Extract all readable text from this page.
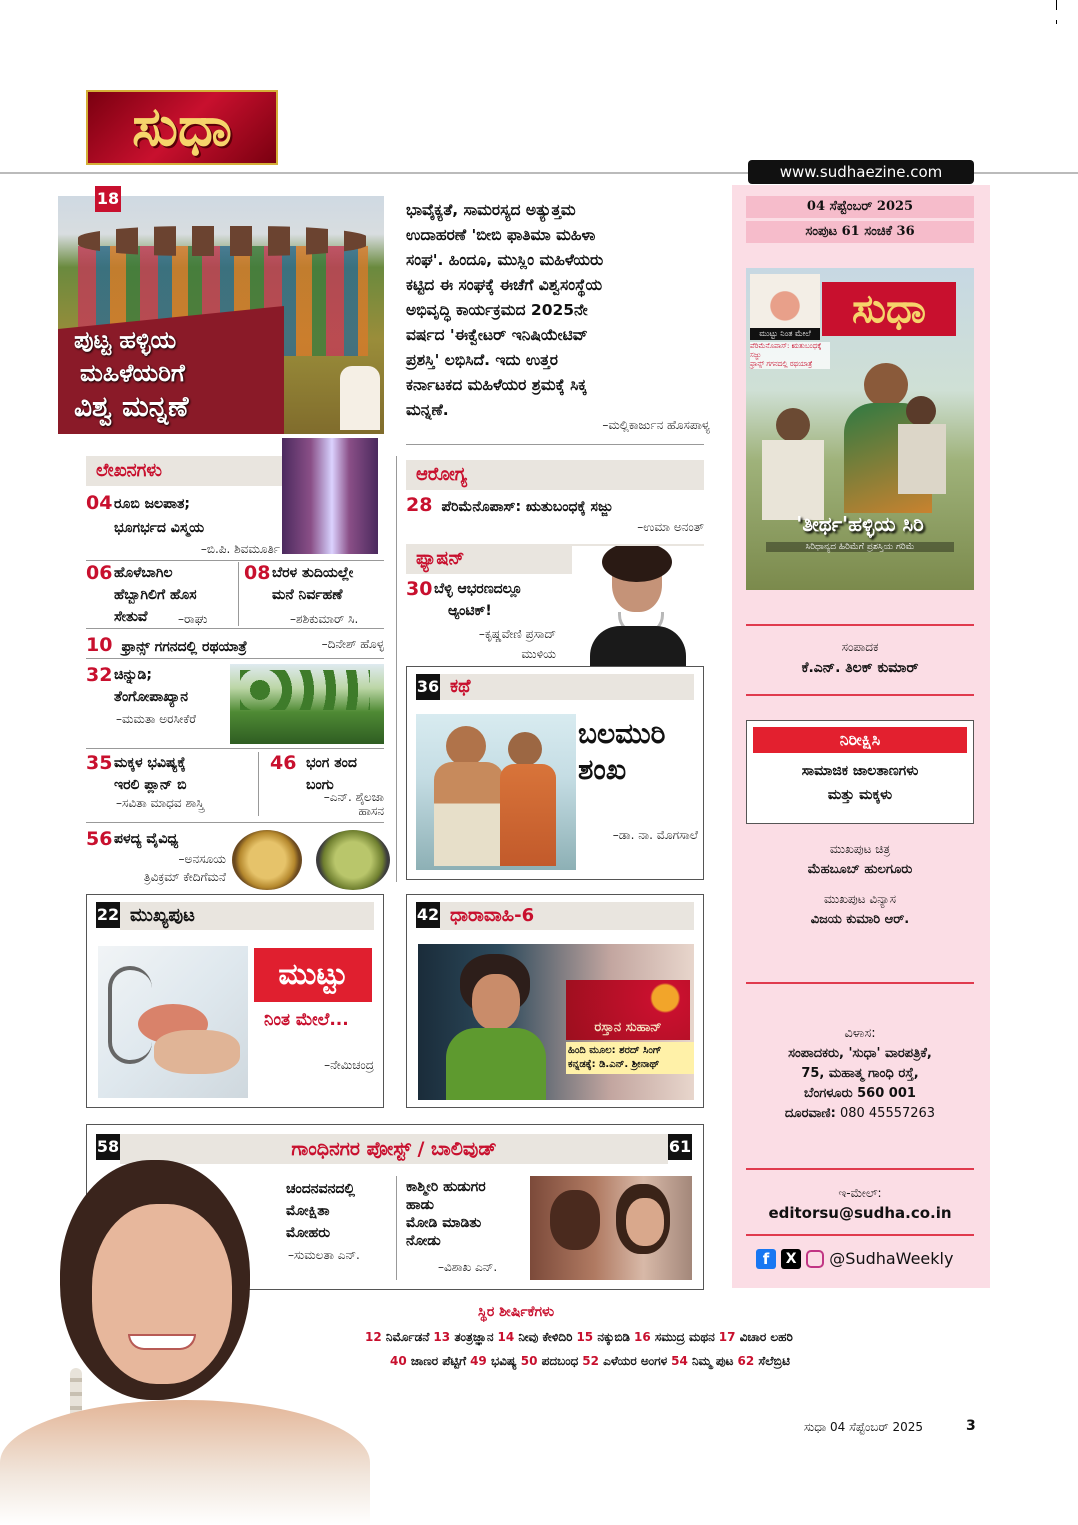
ಸುಧಾ
www.sudhaezine.com
04 ಸೆಪ್ಟೆಂಬರ್ 2025
ಸಂಪುಟ 61 ಸಂಚಿಕೆ 36
ಸುಧಾ
ಮುಟ್ಟು ನಿಂತ ಮೇಲೆ
ಪೆರಿಮೆನೊಪಾಸ್: ಋತುಬಂಧಕ್ಕೆ ಸಜ್ಜು
ಫ್ರಾನ್ಸ್ ಗಗನದಲ್ಲಿ ರಥಯಾತ್ರೆ
'ತೀರ್ಥ'ಹಳ್ಳಿಯ ಸಿರಿ
ಸಿರಿಧಾನ್ಯದ ಹಿರಿಮೆಗೆ ಪ್ರಶಸ್ತಿಯ ಗರಿಮೆ
ಸಂಪಾದಕ
ಕೆ.ಎನ್. ತಿಲಕ್ ಕುಮಾರ್
ನಿರೀಕ್ಷಿಸಿ
ಸಾಮಾಜಿಕ ಜಾಲತಾಣಗಳು
ಮತ್ತು ಮಕ್ಕಳು
ಮುಖಪುಟ ಚಿತ್ರ
ಮೆಹಬೂಬ್ ಹುಲಗೂರು
ಮುಖಪುಟ ವಿನ್ಯಾಸ
ವಿಜಯ ಕುಮಾರಿ ಆರ್.
ವಿಳಾಸ:
ಸಂಪಾದಕರು, 'ಸುಧಾ' ವಾರಪತ್ರಿಕೆ,
75, ಮಹಾತ್ಮ ಗಾಂಧಿ ರಸ್ತೆ,
ಬೆಂಗಳೂರು 560 001
ದೂರವಾಣಿ: 080 45557263
ಇ-ಮೇಲ್:
editorsu@sudha.co.in
f X @SudhaWeekly
ಪುಟ್ಟ ಹಳ್ಳಿಯ
ಮಹಿಳೆಯರಿಗೆ
ವಿಶ್ವ ಮನ್ನಣೆ
18
ಭಾವೈಕ್ಯತೆ, ಸಾಮರಸ್ಯದ ಅತ್ಯುತ್ತಮ
ಉದಾಹರಣೆ 'ಬೀಬಿ ಫಾತಿಮಾ ಮಹಿಳಾ
ಸಂಘ'. ಹಿಂದೂ, ಮುಸ್ಲಿಂ ಮಹಿಳೆಯರು
ಕಟ್ಟಿದ ಈ ಸಂಘಕ್ಕೆ ಈಚೆಗೆ ವಿಶ್ವಸಂಸ್ಥೆಯ
ಅಭಿವೃದ್ಧಿ ಕಾರ್ಯಕ್ರಮದ 2025ನೇ
ವರ್ಷದ 'ಈಕ್ವೇಟರ್ ಇನಿಷಿಯೇಟಿವ್
ಪ್ರಶಸ್ತಿ' ಲಭಿಸಿದೆ. ಇದು ಉತ್ತರ
ಕರ್ನಾಟಕದ ಮಹಿಳೆಯರ ಶ್ರಮಕ್ಕೆ ಸಿಕ್ಕ
ಮನ್ನಣೆ.
–ಮಲ್ಲಿಕಾರ್ಜುನ ಹೊಸಪಾಳ್ಯ
ಲೇಖನಗಳು
04 ರೂಬಿ ಜಲಪಾತ;
ಭೂಗರ್ಭದ ವಿಸ್ಮಯ
–ಬಿ.ಪಿ. ಶಿವಮೂರ್ತಿ
06 ಹೊಳೆಬಾಗಿಲ
ಹೆಬ್ಬಾಗಿಲಿಗೆ ಹೊಸ
ಸೇತುವೆ	–ರಾಘು
08 ಬೆರಳ ತುದಿಯಲ್ಲೇ
ಮನೆ ನಿರ್ವಹಣೆ
–ಶಶಿಕುಮಾರ್ ಸಿ.
10 ಫ್ರಾನ್ಸ್ ಗಗನದಲ್ಲಿ ರಥಯಾತ್ರೆ	–ದಿನೇಶ್ ಹೊಳ್ಳ
32 ಚಿನ್ನುಡಿ;
ತೆಂಗೋಪಾಖ್ಯಾನ
–ಮಮತಾ ಅರಸೀಕೆರೆ
35 ಮಕ್ಕಳ ಭವಿಷ್ಯಕ್ಕೆ
ಇರಲಿ ಪ್ಲಾನ್ ಬಿ
–ಸವಿತಾ ಮಾಧವ ಶಾಸ್ತ್ರಿ
46 ಭಂಗ ತಂದ
ಬಂಗು
–ಎನ್. ಶೈಲಜಾ
ಹಾಸನ
56 ಪಳದ್ಯ ವೈವಿಧ್ಯ
–ಅನಸೂಯ
ತ್ರಿವಿಕ್ರಮ್ ಕೇದಿಗೆಮನೆ
ಆರೋಗ್ಯ
28 ಪೆರಿಮೆನೊಪಾಸ್: ಋತುಬಂಧಕ್ಕೆ ಸಜ್ಜು
–ಉಮಾ ಅನಂತ್
ಫ್ಯಾಷನ್
30 ಬೆಳ್ಳಿ ಆಭರಣದಲ್ಲೂ
ಆ್ಯಂಟಿಕ್!
–ಕೃಷ್ಣವೇಣಿ ಪ್ರಸಾದ್
ಮುಳಿಯ
36 ಕಥೆ
ಬಲಮುರಿ
ಶಂಖ
–ಡಾ. ನಾ. ಮೊಗಸಾಲೆ
22 ಮುಖ್ಯಪುಟ
ಮುಟ್ಟು
ನಿಂತ ಮೇಲೆ...
–ನೇಮಿಚಂದ್ರ
42 ಧಾರಾವಾಹಿ-6
ರಸ್ತಾನ ಸುಹಾನ್
ಹಿಂದಿ ಮೂಲ: ಶರದ್ ಸಿಂಗ್
ಕನ್ನಡಕ್ಕೆ: ಡಿ.ಎನ್. ಶ್ರೀನಾಥ್
58	ಗಾಂಧಿನಗರ ಪೋಸ್ಟ್ / ಬಾಲಿವುಡ್	61
ಚಂದನವನದಲ್ಲಿ
ಮೋಕ್ಷಿತಾ
ಮೋಹರು
–ಸುಮಲತಾ ಎನ್.
ಕಾಶ್ಮೀರಿ ಹುಡುಗರ
ಹಾಡು
ಮೋಡಿ ಮಾಡಿತು
ನೋಡು
–ವಿಶಾಖ ಎನ್.
ಸ್ಥಿರ ಶೀರ್ಷಿಕೆಗಳು
12 ನಿರ್ಮೊಡನೆ 13 ತಂತ್ರಜ್ಞಾನ 14 ನೀವು ಕೇಳಿದಿರಿ 15 ನಕ್ಕುಬಿಡಿ 16 ಸಮುದ್ರ ಮಥನ 17 ವಿಚಾರ ಲಹರಿ
40 ಜಾಣರ ಪೆಟ್ಟಿಗೆ 49 ಭವಿಷ್ಯ 50 ಪದಬಂಧ 52 ಎಳೆಯರ ಅಂಗಳ 54 ನಿಮ್ಮ ಪುಟ 62 ಸೆಲೆಬ್ರಿಟಿ
ಸುಧಾ 04 ಸೆಪ್ಟೆಂಬರ್ 2025	3
